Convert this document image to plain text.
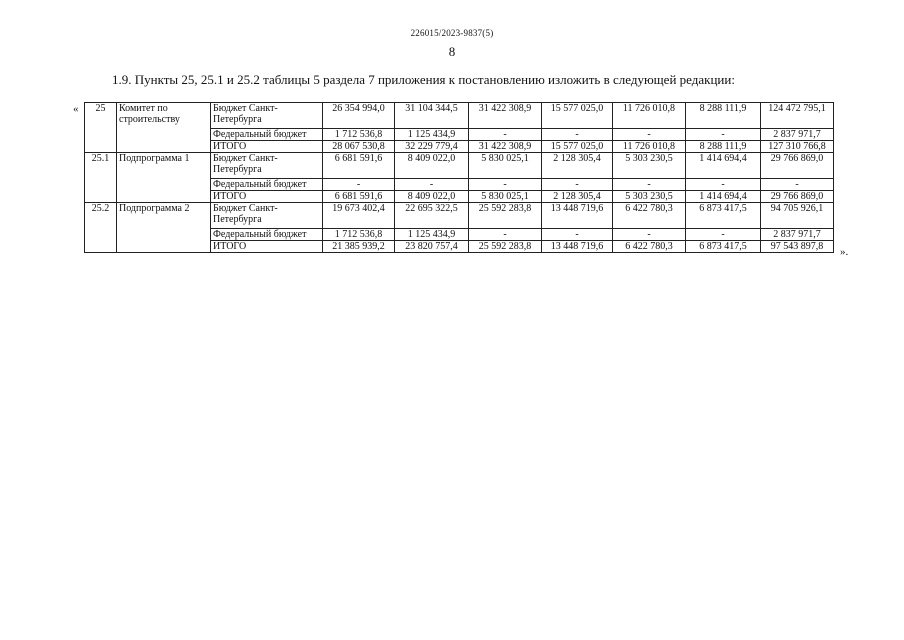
226015/2023-9837(5)
8
1.9. Пункты 25, 25.1 и 25.2 таблицы 5 раздела 7 приложения к постановлению изложить в следующей редакции:
« 25	Комитет по строительству	Бюджет Санкт-Петербурга	26 354 994,0	31 104 344,5	31 422 308,9	15 577 025,0	11 726 010,8	8 288 111,9	124 472 795,1
		Федеральный бюджет	1 712 536,8	1 125 434,9	-	-	-	-	2 837 971,7
		ИТОГО	28 067 530,8	32 229 779,4	31 422 308,9	15 577 025,0	11 726 010,8	8 288 111,9	127 310 766,8
25.1	Подпрограмма 1	Бюджет Санкт-Петербурга	6 681 591,6	8 409 022,0	5 830 025,1	2 128 305,4	5 303 230,5	1 414 694,4	29 766 869,0
		Федеральный бюджет	-	-	-	-	-	-	-
		ИТОГО	6 681 591,6	8 409 022,0	5 830 025,1	2 128 305,4	5 303 230,5	1 414 694,4	29 766 869,0
25.2	Подпрограмма 2	Бюджет Санкт-Петербурга	19 673 402,4	22 695 322,5	25 592 283,8	13 448 719,6	6 422 780,3	6 873 417,5	94 705 926,1
		Федеральный бюджет	1 712 536,8	1 125 434,9	-	-	-	-	2 837 971,7
		ИТОГО	21 385 939,2	23 820 757,4	25 592 283,8	13 448 719,6	6 422 780,3	6 873 417,5	97 543 897,8 ».
